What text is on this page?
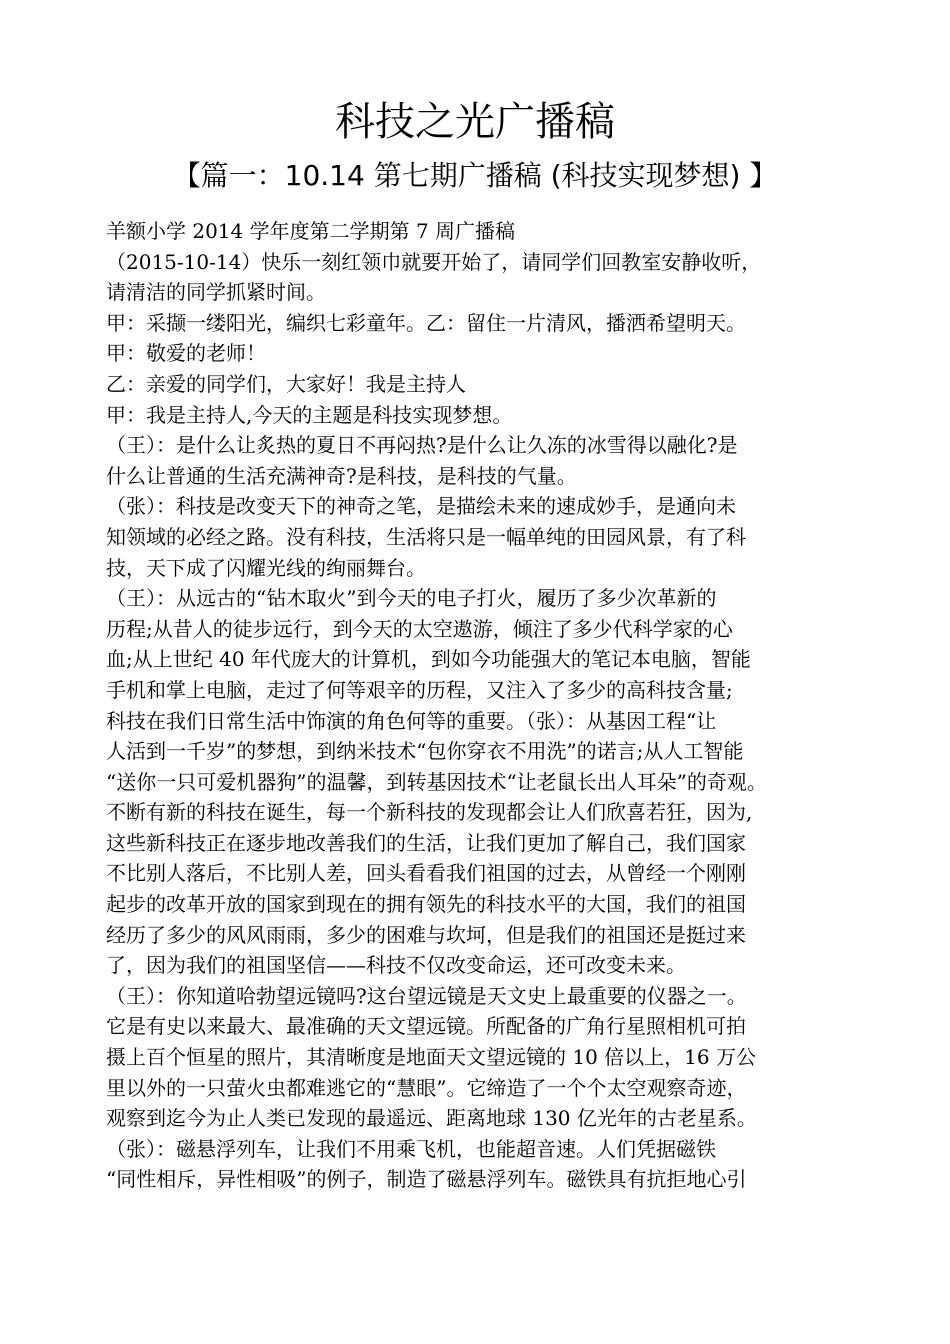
科技之光广播稿
【篇一：10.14 第七期广播稿 (科技实现梦想) 】
羊额小学 2014 学年度第二学期第 7 周广播稿
（2015-10-14）快乐一刻红领巾就要开始了，请同学们回教室安静收听，
请清洁的同学抓紧时间。
甲：采撷一缕阳光，编织七彩童年。乙：留住一片清风，播洒希望明天。
甲：敬爱的老师！
乙：亲爱的同学们，大家好！我是主持人
甲：我是主持人,今天的主题是科技实现梦想。
（王）：是什么让炙热的夏日不再闷热?是什么让久冻的冰雪得以融化?是
什么让普通的生活充满神奇?是科技，是科技的气量。
（张）：科技是改变天下的神奇之笔，是描绘未来的速成妙手，是通向未
知领域的必经之路。没有科技，生活将只是一幅单纯的田园风景，有了科
技，天下成了闪耀光线的绚丽舞台。
（王）：从远古的“钻木取火”到今天的电子打火，履历了多少次革新的
历程;从昔人的徒步远行，到今天的太空遨游，倾注了多少代科学家的心
血;从上世纪 40 年代庞大的计算机，到如今功能强大的笔记本电脑，智能
手机和掌上电脑，走过了何等艰辛的历程，又注入了多少的高科技含量;
科技在我们日常生活中饰演的角色何等的重要。（张）：从基因工程“让
人活到一千岁”的梦想，到纳米技术“包你穿衣不用洗”的诺言;从人工智能
“送你一只可爱机器狗”的温馨，到转基因技术“让老鼠长出人耳朵”的奇观。
不断有新的科技在诞生，每一个新科技的发现都会让人们欣喜若狂，因为,
这些新科技正在逐步地改善我们的生活，让我们更加了解自己，我们国家
不比别人落后，不比别人差，回头看看我们祖国的过去，从曾经一个刚刚
起步的改革开放的国家到现在的拥有领先的科技水平的大国，我们的祖国
经历了多少的风风雨雨，多少的困难与坎坷，但是我们的祖国还是挺过来
了，因为我们的祖国坚信——科技不仅改变命运，还可改变未来。
（王）：你知道哈勃望远镜吗?这台望远镜是天文史上最重要的仪器之一。
它是有史以来最大、最准确的天文望远镜。所配备的广角行星照相机可拍
摄上百个恒星的照片，其清晰度是地面天文望远镜的 10 倍以上，16 万公
里以外的一只萤火虫都难逃它的“慧眼”。它缔造了一个个太空观察奇迹，
观察到迄今为止人类已发现的最遥远、距离地球 130 亿光年的古老星系。
（张）：磁悬浮列车，让我们不用乘飞机，也能超音速。人们凭据磁铁
“同性相斥，异性相吸”的例子，制造了磁悬浮列车。磁铁具有抗拒地心引
